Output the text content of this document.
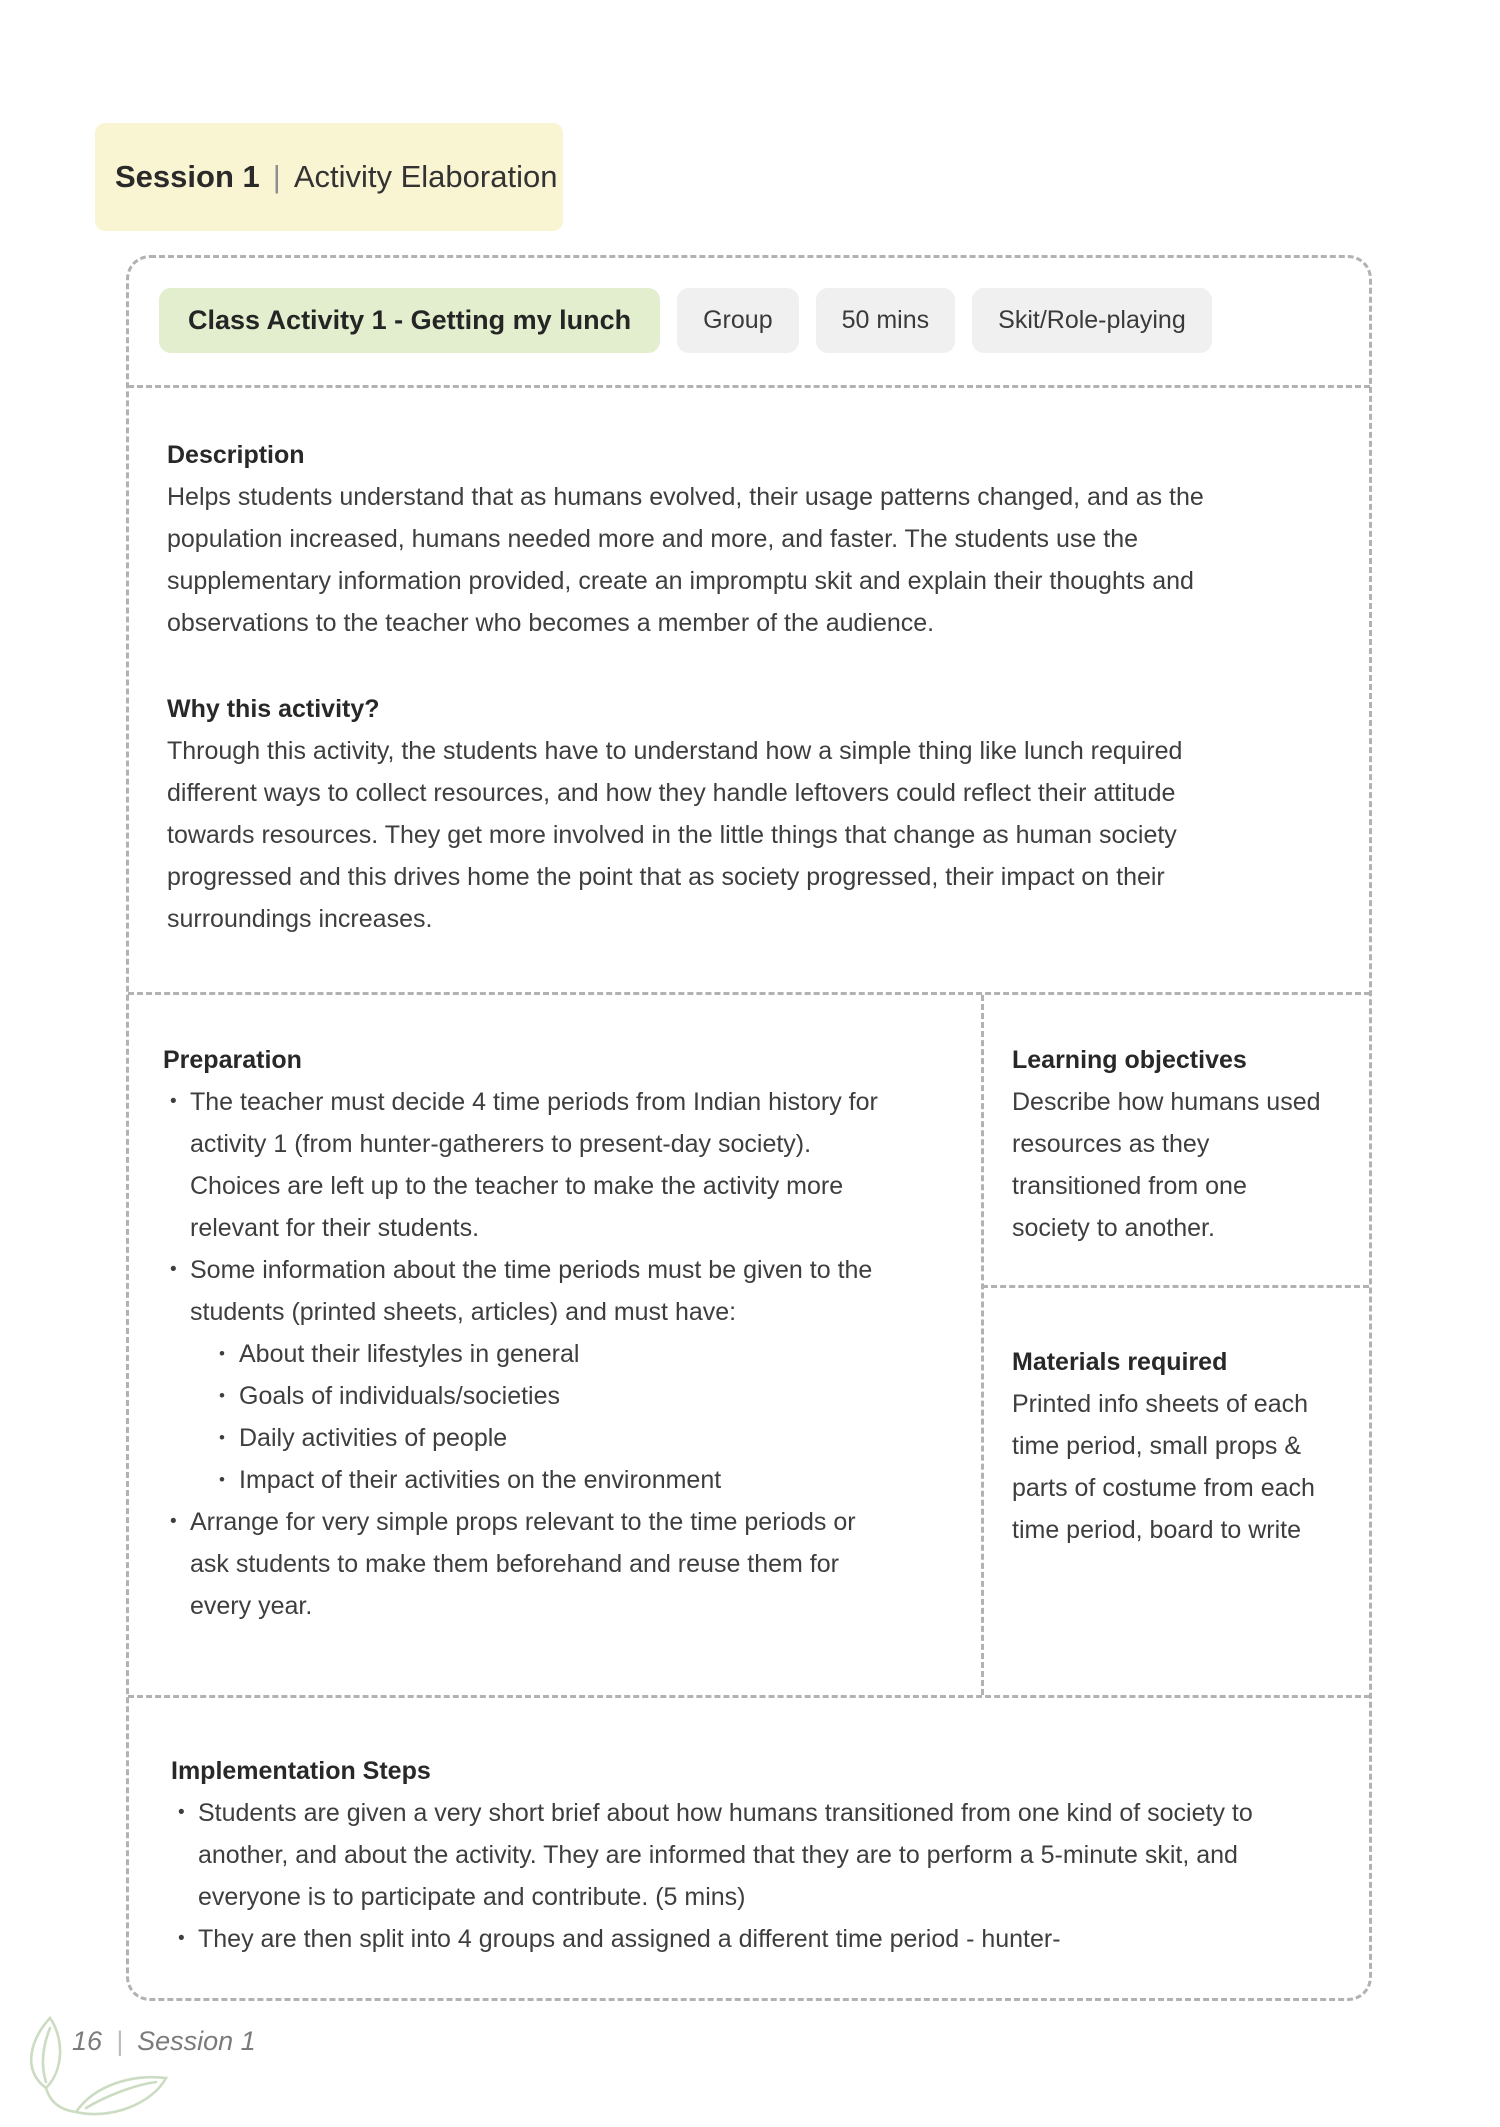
Session 1 | Activity Elaboration
Class Activity 1 - Getting my lunch	Group	50 mins	Skit/Role-playing
Description

Helps students understand that as humans evolved, their usage patterns changed, and as the population increased, humans needed more and more, and faster. The students use the supplementary information provided, create an impromptu skit and explain their thoughts and observations to the teacher who becomes a member of the audience.

Why this activity?

Through this activity, the students have to understand how a simple thing like lunch required different ways to collect resources, and how they handle leftovers could reflect their attitude towards resources. They get more involved in the little things that change as human society progressed and this drives home the point that as society progressed, their impact on their surroundings increases.

Preparation
• The teacher must decide 4 time periods from Indian history for activity 1 (from hunter-gatherers to present-day society). Choices are left up to the teacher to make the activity more relevant for their students.
• Some information about the time periods must be given to the students (printed sheets, articles) and must have:
• About their lifestyles in general
• Goals of individuals/societies
• Daily activities of people
• Impact of their activities on the environment
• Arrange for very simple props relevant to the time periods or ask students to make them beforehand and reuse them for every year.
Learning objectives

Describe how humans used resources as they transitioned from one society to another.

Materials required

Printed info sheets of each time period, small props & parts of costume from each time period, board to write

Implementation Steps
• Students are given a very short brief about how humans transitioned from one kind of society to another, and about the activity. They are informed that they are to perform a 5-minute skit, and everyone is to participate and contribute. (5 mins)
• They are then split into 4 groups and assigned a different time period - hunter-
16 | Session 1
